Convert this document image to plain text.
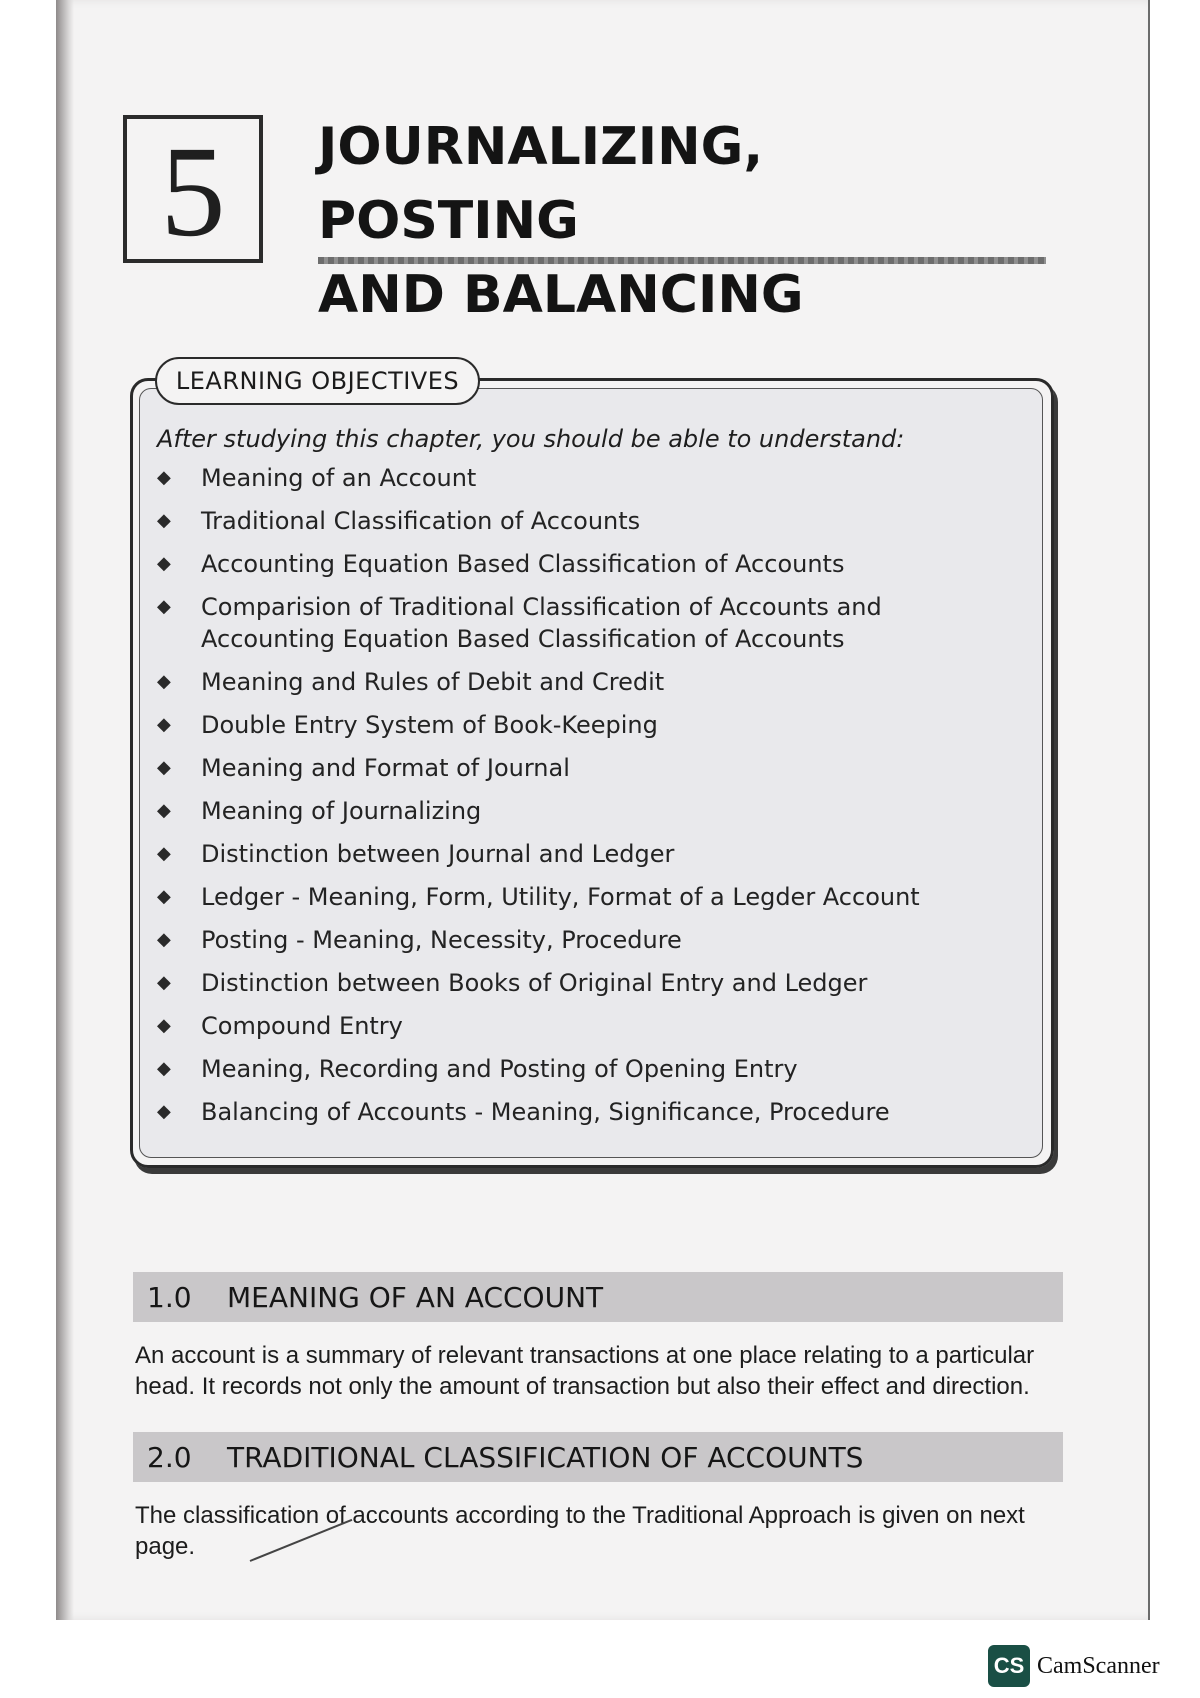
5 JOURNALIZING, POSTING
AND BALANCING
LEARNING OBJECTIVES
After studying this chapter, you should be able to understand:
◆	Meaning of an Account
◆	Traditional Classification of Accounts
◆	Accounting Equation Based Classification of Accounts
◆	Comparision of Traditional Classification of Accounts and Accounting Equation Based Classification of Accounts
◆	Meaning and Rules of Debit and Credit
◆	Double Entry System of Book-Keeping
◆	Meaning and Format of Journal
◆	Meaning of Journalizing
◆	Distinction between Journal and Ledger
◆	Ledger - Meaning, Form, Utility, Format of a Legder Account
◆	Posting - Meaning, Necessity, Procedure
◆	Distinction between Books of Original Entry and Ledger
◆	Compound Entry
◆	Meaning, Recording and Posting of Opening Entry
◆	Balancing of Accounts - Meaning, Significance, Procedure
1.0	MEANING OF AN ACCOUNT
An account is a summary of relevant transactions at one place relating to a particular head. It records not only the amount of transaction but also their effect and direction.
2.0	TRADITIONAL CLASSIFICATION OF ACCOUNTS
The classification of accounts according to the Traditional Approach is given on next page.
CS CamScanner
